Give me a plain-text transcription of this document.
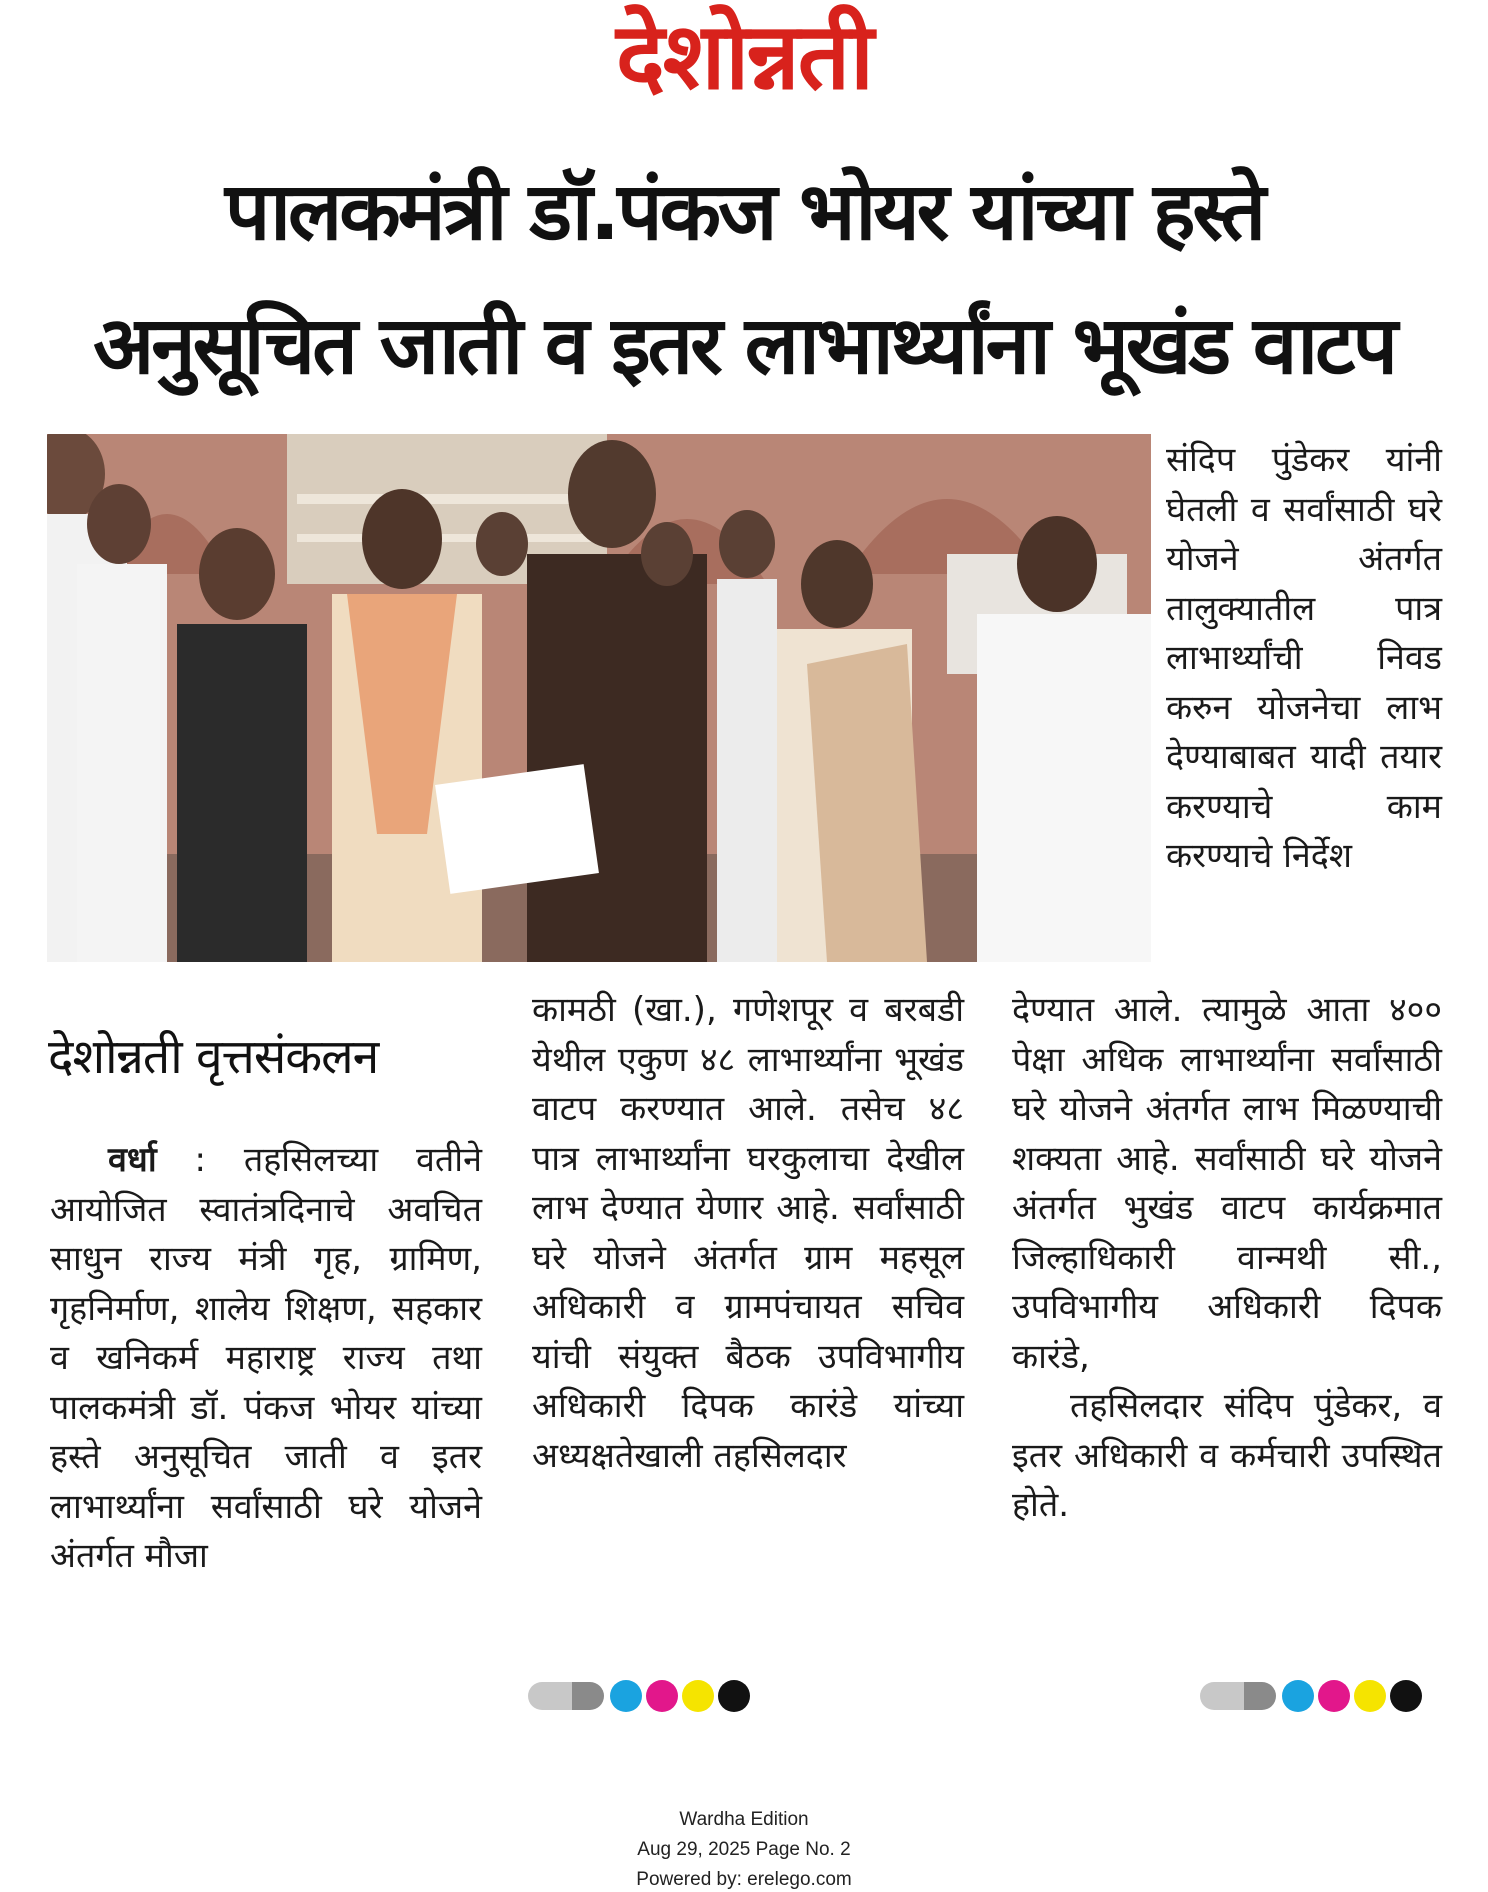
देशोन्नती
पालकमंत्री डॉ.पंकज भोयर यांच्या हस्ते
अनुसूचित जाती व इतर लाभार्थ्यांना भूखंड वाटप

संदिप पुंडेकर यांनी घेतली व सर्वांसाठी घरे योजने अंतर्गत तालुक्यातील पात्र लाभार्थ्यांची निवड करुन योजनेचा लाभ देण्याबाबत यादी तयार करण्याचे काम करण्याचे निर्देश

देशोन्नती वृत्तसंकलन

वर्धा : तहसिलच्या वतीने आयोजित स्वातंत्रदिनाचे अवचित साधुन राज्य मंत्री गृह, ग्रामिण, गृहनिर्माण, शालेय शिक्षण, सहकार व खनिकर्म महाराष्ट्र राज्य तथा पालकमंत्री डॉ. पंकज भोयर यांच्या हस्ते अनुसूचित जाती व इतर लाभार्थ्यांना सर्वांसाठी घरे योजने अंतर्गत मौजा

कामठी (खा.), गणेशपूर व बरबडी येथील एकुण ४८ लाभार्थ्यांना भूखंड वाटप करण्यात आले. तसेच ४८ पात्र लाभार्थ्यांना घरकुलाचा देखील लाभ देण्यात येणार आहे. सर्वांसाठी घरे योजने अंतर्गत ग्राम महसूल अधिकारी व ग्रामपंचायत सचिव यांची संयुक्त बैठक उपविभागीय अधिकारी दिपक कारंडे यांच्या अध्यक्षतेखाली तहसिलदार

देण्यात आले. त्यामुळे आता ४०० पेक्षा अधिक लाभार्थ्यांना सर्वांसाठी घरे योजने अंतर्गत लाभ मिळण्याची शक्यता आहे. सर्वांसाठी घरे योजने अंतर्गत भुखंड वाटप कार्यक्रमात जिल्हाधिकारी वान्मथी सी., उपविभागीय अधिकारी दिपक कारंडे,

तहसिलदार संदिप पुंडेकर, व इतर अधिकारी व कर्मचारी उपस्थित होते.

Wardha Edition
Aug 29, 2025 Page No. 2
Powered by: erelego.com
